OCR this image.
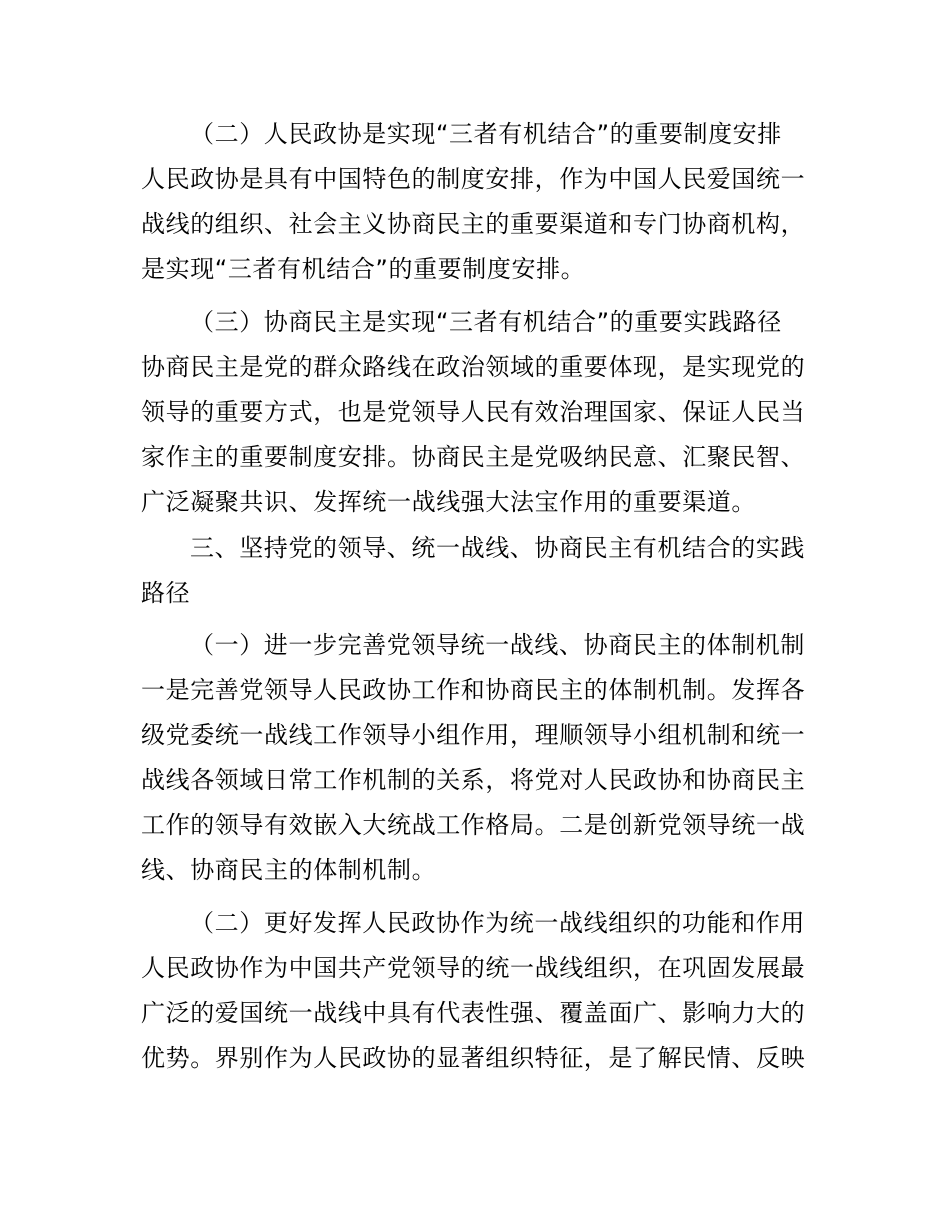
（二）人民政协是实现“三者有机结合”的重要制度安排
人民政协是具有中国特色的制度安排，作为中国人民爱国统一
战线的组织、社会主义协商民主的重要渠道和专门协商机构，
是实现“三者有机结合”的重要制度安排。
（三）协商民主是实现“三者有机结合”的重要实践路径
协商民主是党的群众路线在政治领域的重要体现，是实现党的
领导的重要方式，也是党领导人民有效治理国家、保证人民当
家作主的重要制度安排。协商民主是党吸纳民意、汇聚民智、
广泛凝聚共识、发挥统一战线强大法宝作用的重要渠道。
三、坚持党的领导、统一战线、协商民主有机结合的实践
路径
（一）进一步完善党领导统一战线、协商民主的体制机制
一是完善党领导人民政协工作和协商民主的体制机制。发挥各
级党委统一战线工作领导小组作用，理顺领导小组机制和统一
战线各领域日常工作机制的关系，将党对人民政协和协商民主
工作的领导有效嵌入大统战工作格局。二是创新党领导统一战
线、协商民主的体制机制。
（二）更好发挥人民政协作为统一战线组织的功能和作用
人民政协作为中国共产党领导的统一战线组织，在巩固发展最
广泛的爱国统一战线中具有代表性强、覆盖面广、影响力大的
优势。界别作为人民政协的显著组织特征，是了解民情、反映
